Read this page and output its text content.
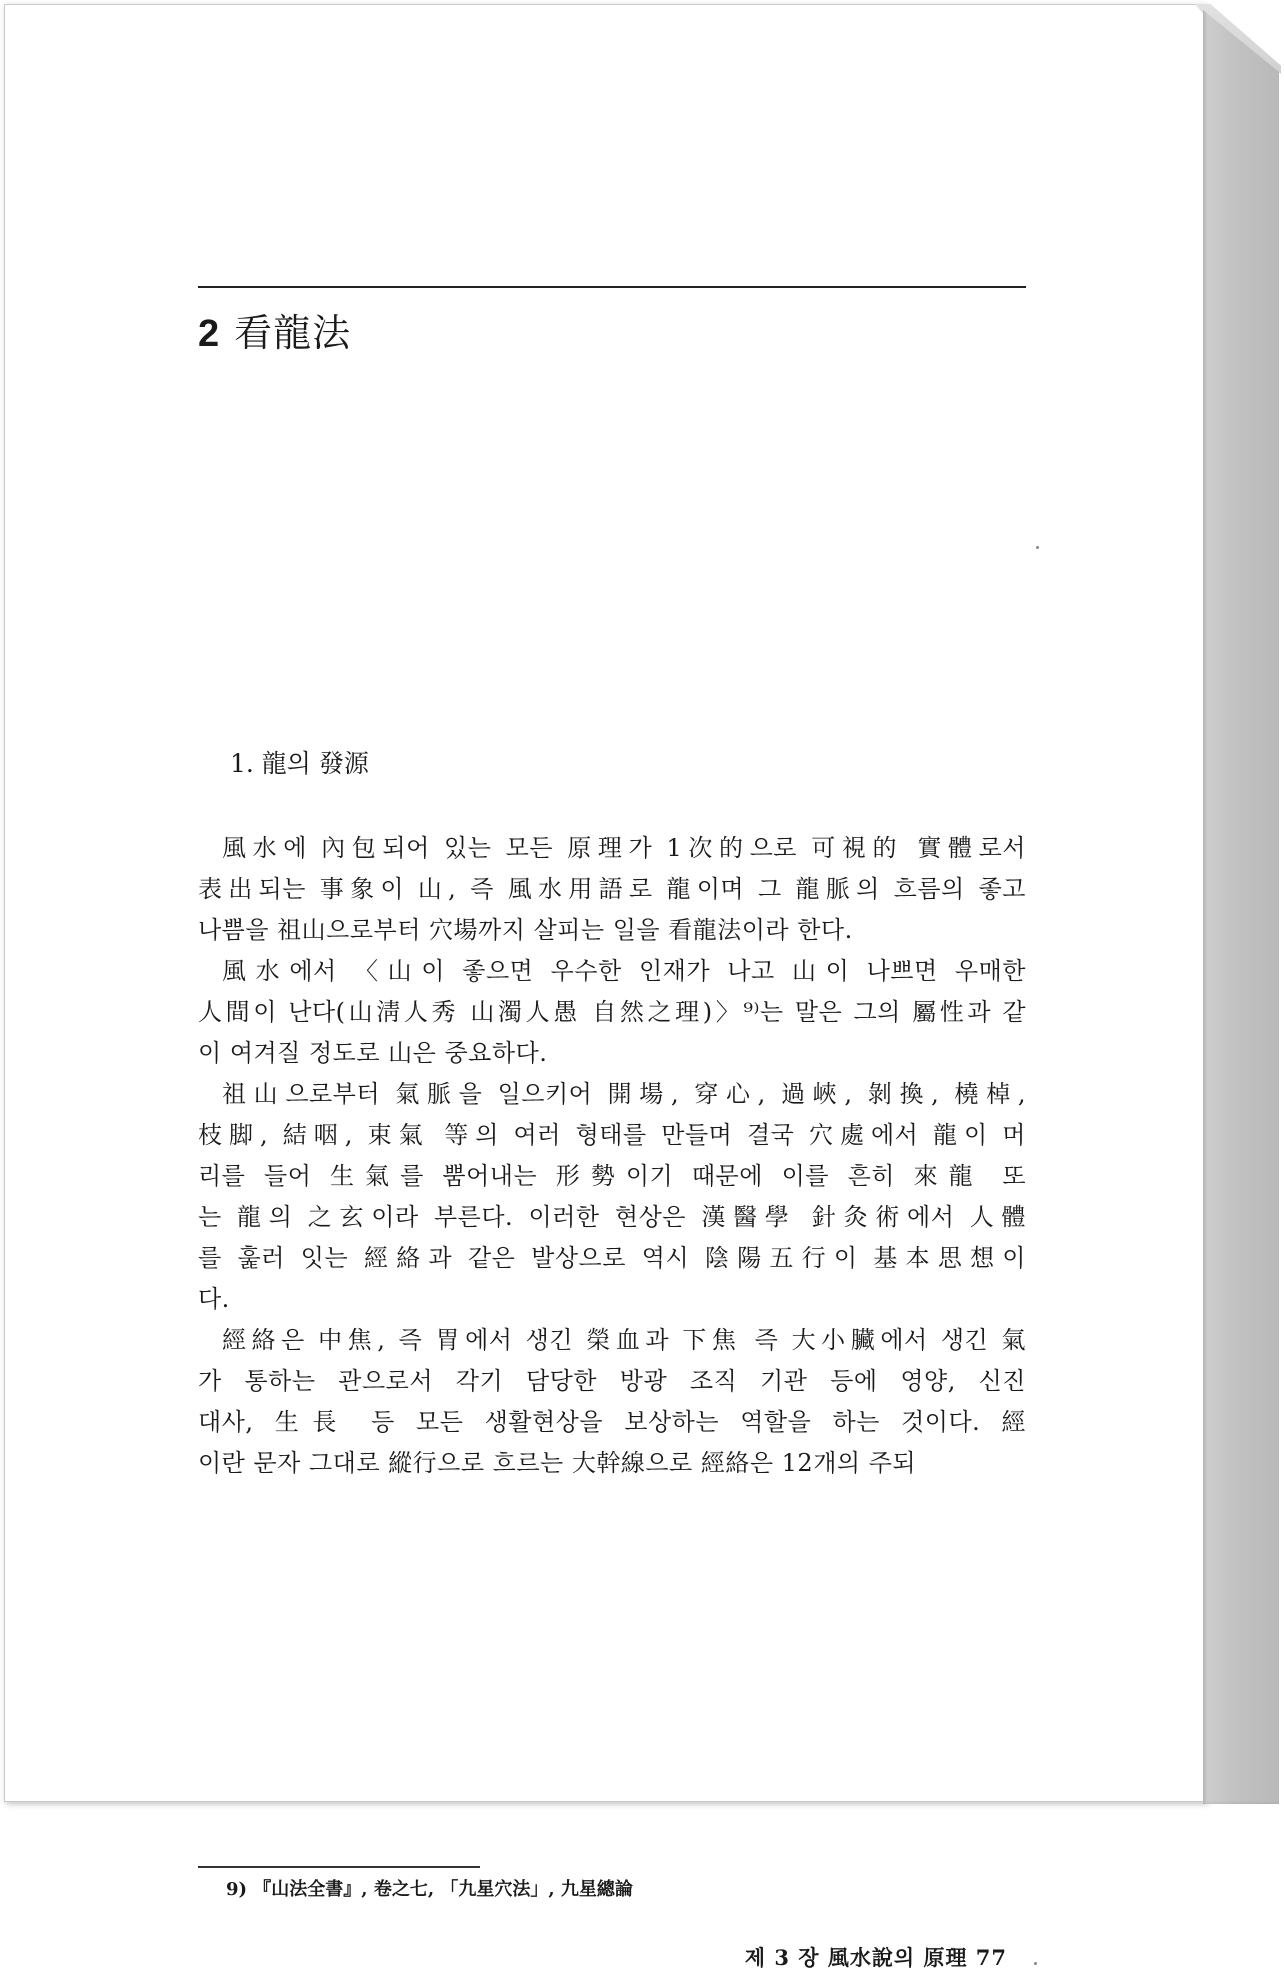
2 看龍法
1. 龍의 發源
風水에 內包되어 있는 모든 原理가 1次的으로 可視的 實體로서
表出되는 事象이 山, 즉 風水用語로 龍이며 그 龍脈의 흐름의 좋고
나쁨을 祖山으로부터 穴場까지 살피는 일을 看龍法이라 한다.
風水에서 〈山이 좋으면 우수한 인재가 나고 山이 나쁘면 우매한
人間이 난다(山淸人秀 山濁人愚 自然之理)〉⁹⁾는 말은 그의 屬性과 같
이 여겨질 정도로 山은 중요하다.
祖山으로부터 氣脈을 일으키어 開場, 穿心, 過峽, 剝換, 橈棹,
枝脚, 結咽, 束氣 等의 여러 형태를 만들며 결국 穴處에서 龍이 머
리를 들어 生氣를 뿜어내는 形勢이기 때문에 이를 흔히 來龍 또
는 龍의 之玄이라 부른다. 이러한 현상은 漢醫學 針灸術에서 人體
를 훑러 잇는 經絡과 같은 발상으로 역시 陰陽五行이 基本思想이
다.
經絡은 中焦, 즉 胃에서 생긴 榮血과 下焦 즉 大小臟에서 생긴 氣
가 통하는 관으로서 각기 담당한 방광 조직 기관 등에 영양, 신진
대사, 生長 등 모든 생활현상을 보상하는 역할을 하는 것이다. 經
이란 문자 그대로 縱行으로 흐르는 大幹線으로 經絡은 12개의 주되
9) 『山法全書』, 卷之七, 「九星穴法」, 九星總論
제 3 장 風水說의 原理 77
